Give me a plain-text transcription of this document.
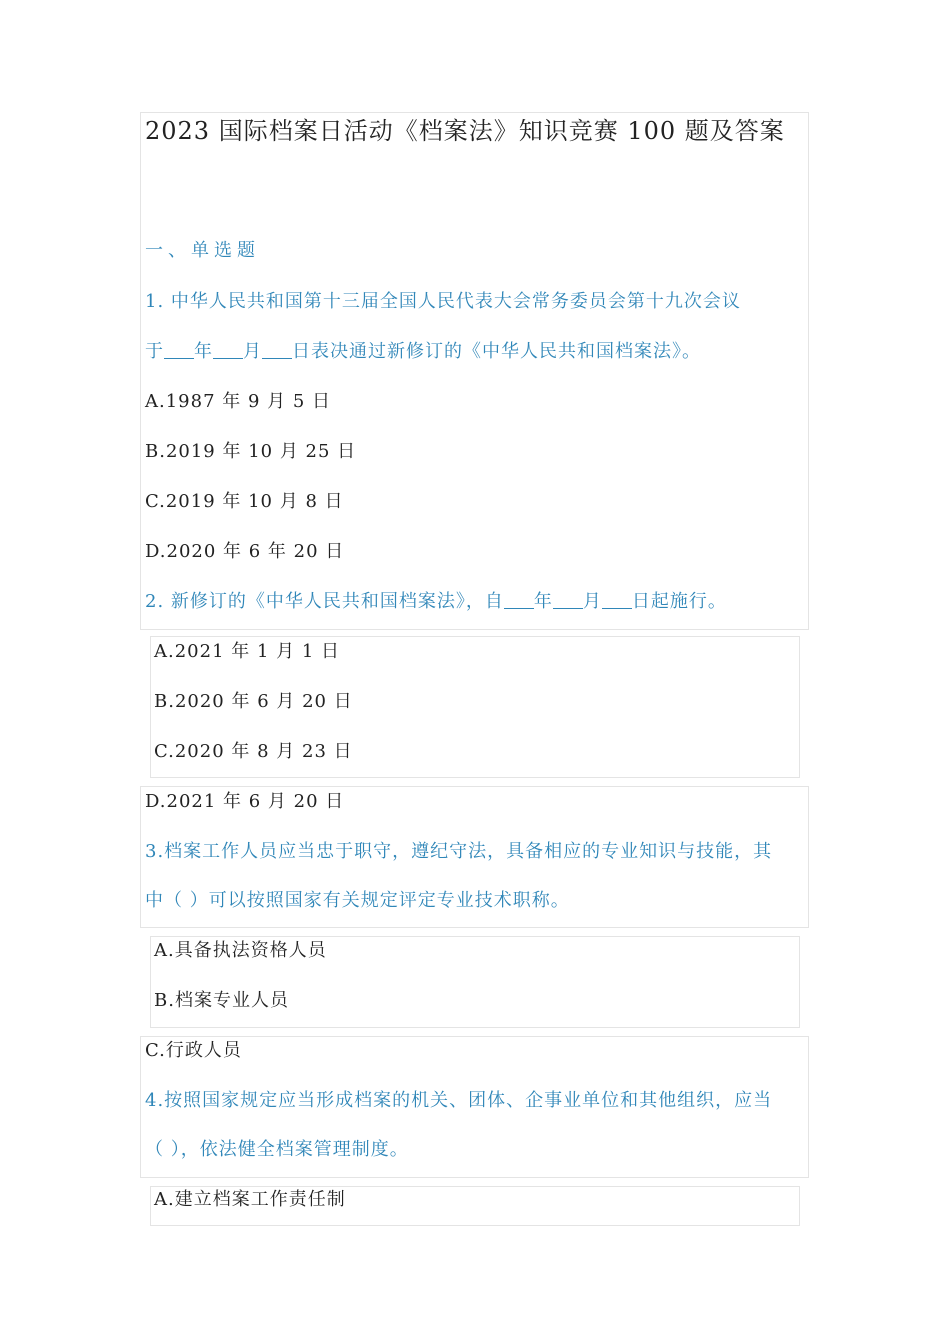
2023 国际档案日活动《档案法》知识竞赛 100 题及答案
一、单选题
1. 中华人民共和国第十三届全国人民代表大会常务委员会第十九次会议
于 年 月 日表决通过新修订的《中华人民共和国档案法》。
A.1987 年 9 月 5 日
B.2019 年 10 月 25 日
C.2019 年 10 月 8 日
D.2020 年 6 年 20 日
2. 新修订的《中华人民共和国档案法》，自 年 月 日起施行。
A.2021 年 1 月 1 日
B.2020 年 6 月 20 日
C.2020 年 8 月 23 日
D.2021 年 6 月 20 日
3.档案工作人员应当忠于职守，遵纪守法，具备相应的专业知识与技能，其
中（ ）可以按照国家有关规定评定专业技术职称。
A.具备执法资格人员
B.档案专业人员
C.行政人员
4.按照国家规定应当形成档案的机关、团体、企事业单位和其他组织，应当
（ ），依法健全档案管理制度。
A.建立档案工作责任制
